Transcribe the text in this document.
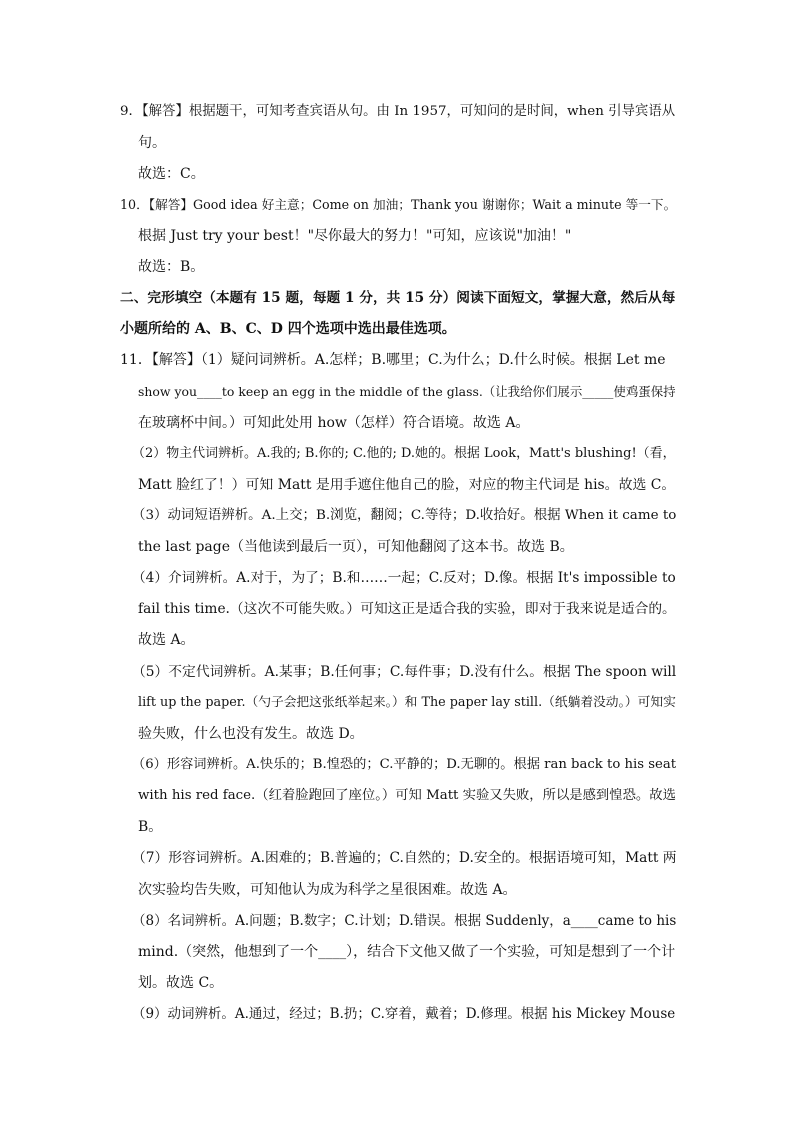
9．【解答】根据题干，可知考查宾语从句。由 In 1957，可知问的是时间，when 引导宾语从
句。
故选：C。
10．【解答】Good idea 好主意；Come on 加油；Thank you 谢谢你；Wait a minute 等一下。
根据 Just try your best！"尽你最大的努力！"可知，应该说"加油！"
故选：B。
二、完形填空（本题有 15 题，每题 1 分，共 15 分）阅读下面短文，掌握大意，然后从每
小题所给的 A、B、C、D 四个选项中选出最佳选项。
11．【解答】（1）疑问词辨析。A.怎样；B.哪里；C.为什么；D.什么时候。根据 Let me
show you____to keep an egg in the middle of the glass.（让我给你们展示_____使鸡蛋保持
在玻璃杯中间。）可知此处用 how（怎样）符合语境。故选 A。
（2）物主代词辨析。A.我的; B.你的; C.他的; D.她的。根据 Look，Matt's blushing!（看，
Matt 脸红了！）可知 Matt 是用手遮住他自己的脸，对应的物主代词是 his。故选 C。
（3）动词短语辨析。A.上交；B.浏览，翻阅；C.等待；D.收拾好。根据 When it came to
the last page（当他读到最后一页），可知他翻阅了这本书。故选 B。
（4）介词辨析。A.对于，为了；B.和……一起；C.反对；D.像。根据 It's impossible to
fail this time.（这次不可能失败。）可知这正是适合我的实验，即对于我来说是适合的。
故选 A。
（5）不定代词辨析。A.某事；B.任何事；C.每件事；D.没有什么。根据 The spoon will
lift up the paper.（勺子会把这张纸举起来。）和 The paper lay still.（纸躺着没动。）可知实
验失败，什么也没有发生。故选 D。
（6）形容词辨析。A.快乐的；B.惶恐的；C.平静的；D.无聊的。根据 ran back to his seat
with his red face.（红着脸跑回了座位。）可知 Matt 实验又失败，所以是感到惶恐。故选
B。
（7）形容词辨析。A.困难的；B.普遍的；C.自然的；D.安全的。根据语境可知，Matt 两
次实验均告失败，可知他认为成为科学之星很困难。故选 A。
（8）名词辨析。A.问题；B.数字；C.计划；D.错误。根据 Suddenly，a____came to his
mind.（突然，他想到了一个____），结合下文他又做了一个实验，可知是想到了一个计
划。故选 C。
（9）动词辨析。A.通过，经过；B.扔；C.穿着，戴着；D.修理。根据 his Mickey Mouse
